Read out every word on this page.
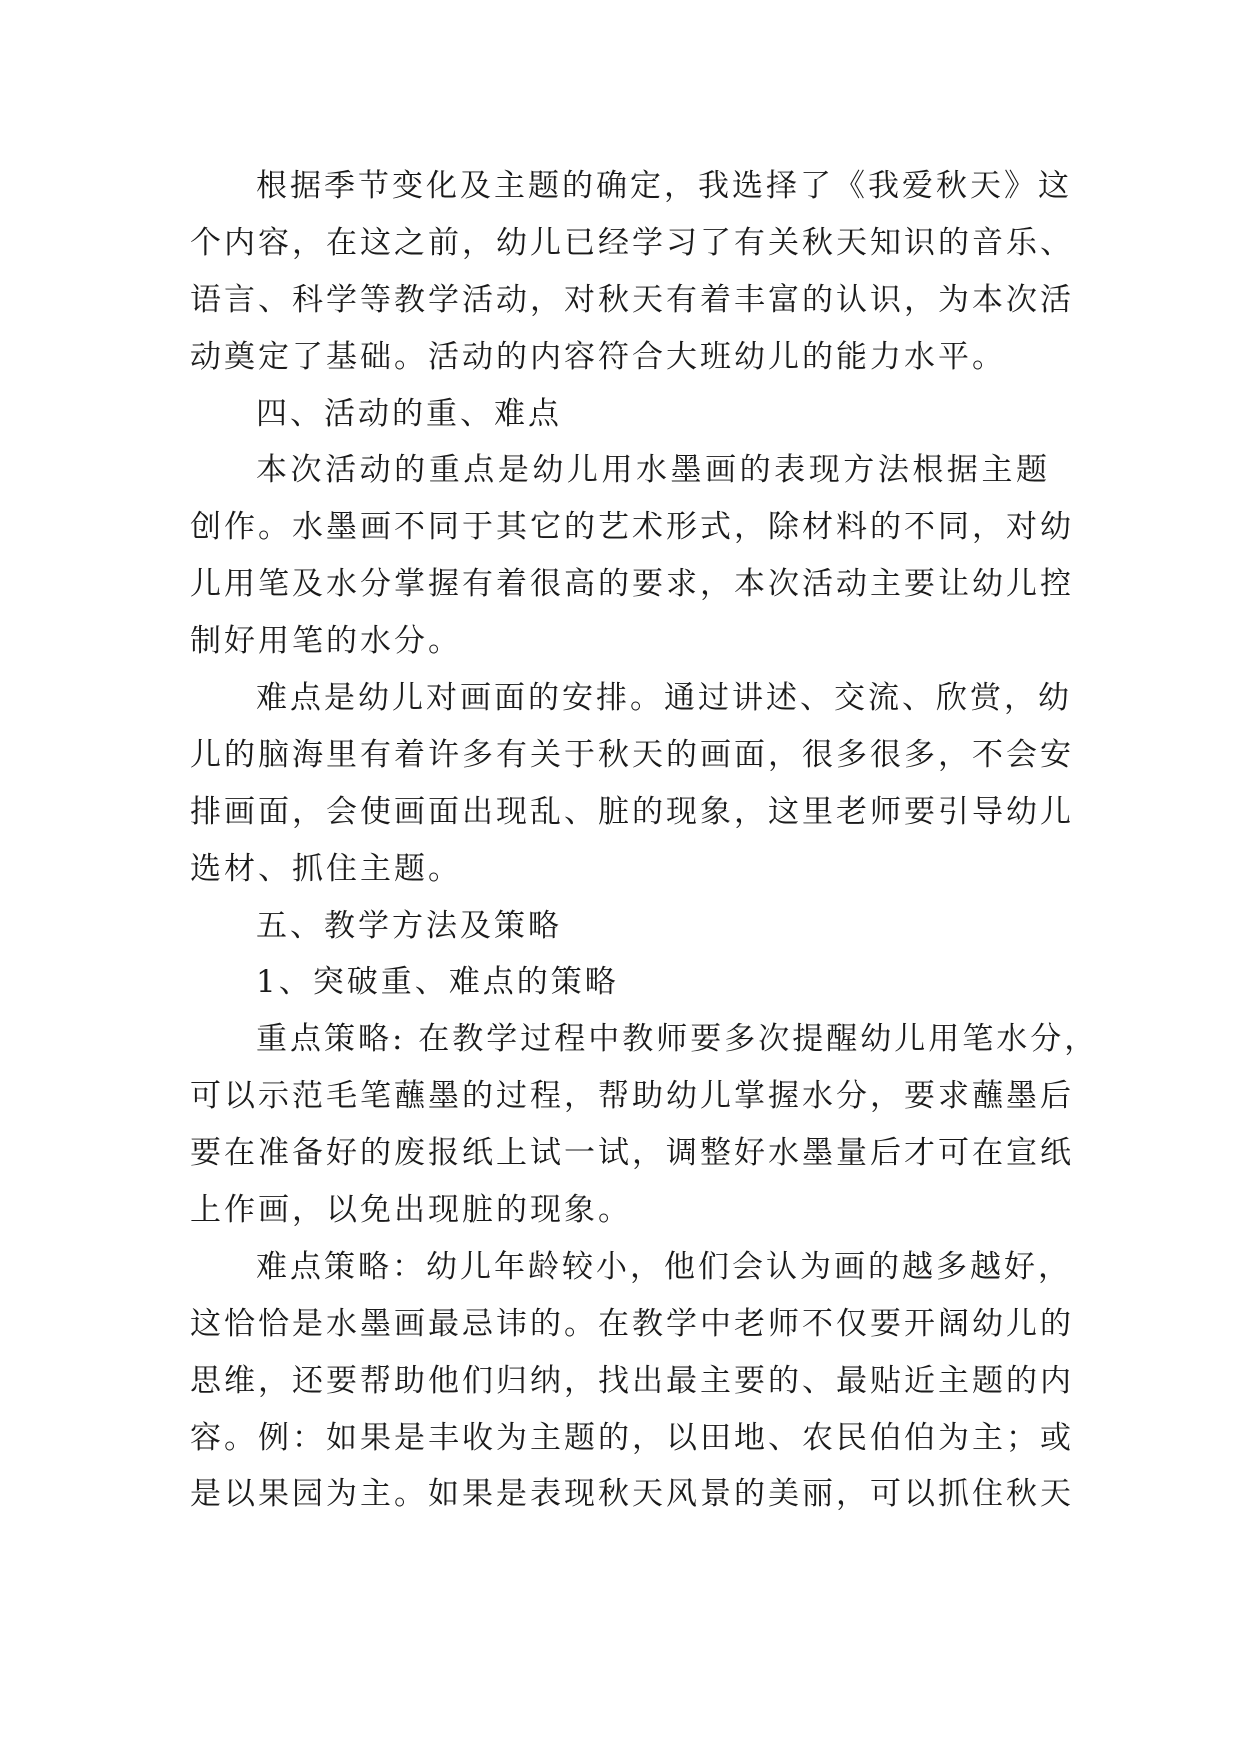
根据季节变化及主题的确定，我选择了《我爱秋天》这
个内容，在这之前，幼儿已经学习了有关秋天知识的音乐、
语言、科学等教学活动，对秋天有着丰富的认识，为本次活
动奠定了基础。活动的内容符合大班幼儿的能力水平。
四、活动的重、难点
本次活动的重点是幼儿用水墨画的表现方法根据主题
创作。水墨画不同于其它的艺术形式，除材料的不同，对幼
儿用笔及水分掌握有着很高的要求，本次活动主要让幼儿控
制好用笔的水分。
难点是幼儿对画面的安排。通过讲述、交流、欣赏，幼
儿的脑海里有着许多有关于秋天的画面，很多很多，不会安
排画面，会使画面出现乱、脏的现象，这里老师要引导幼儿
选材、抓住主题。
五、教学方法及策略
1、突破重、难点的策略
重点策略: 在教学过程中教师要多次提醒幼儿用笔水分，
可以示范毛笔蘸墨的过程，帮助幼儿掌握水分，要求蘸墨后
要在准备好的废报纸上试一试，调整好水墨量后才可在宣纸
上作画，以免出现脏的现象。
难点策略：幼儿年龄较小，他们会认为画的越多越好，
这恰恰是水墨画最忌讳的。在教学中老师不仅要开阔幼儿的
思维，还要帮助他们归纳，找出最主要的、最贴近主题的内
容。例：如果是丰收为主题的，以田地、农民伯伯为主；或
是以果园为主。如果是表现秋天风景的美丽，可以抓住秋天
